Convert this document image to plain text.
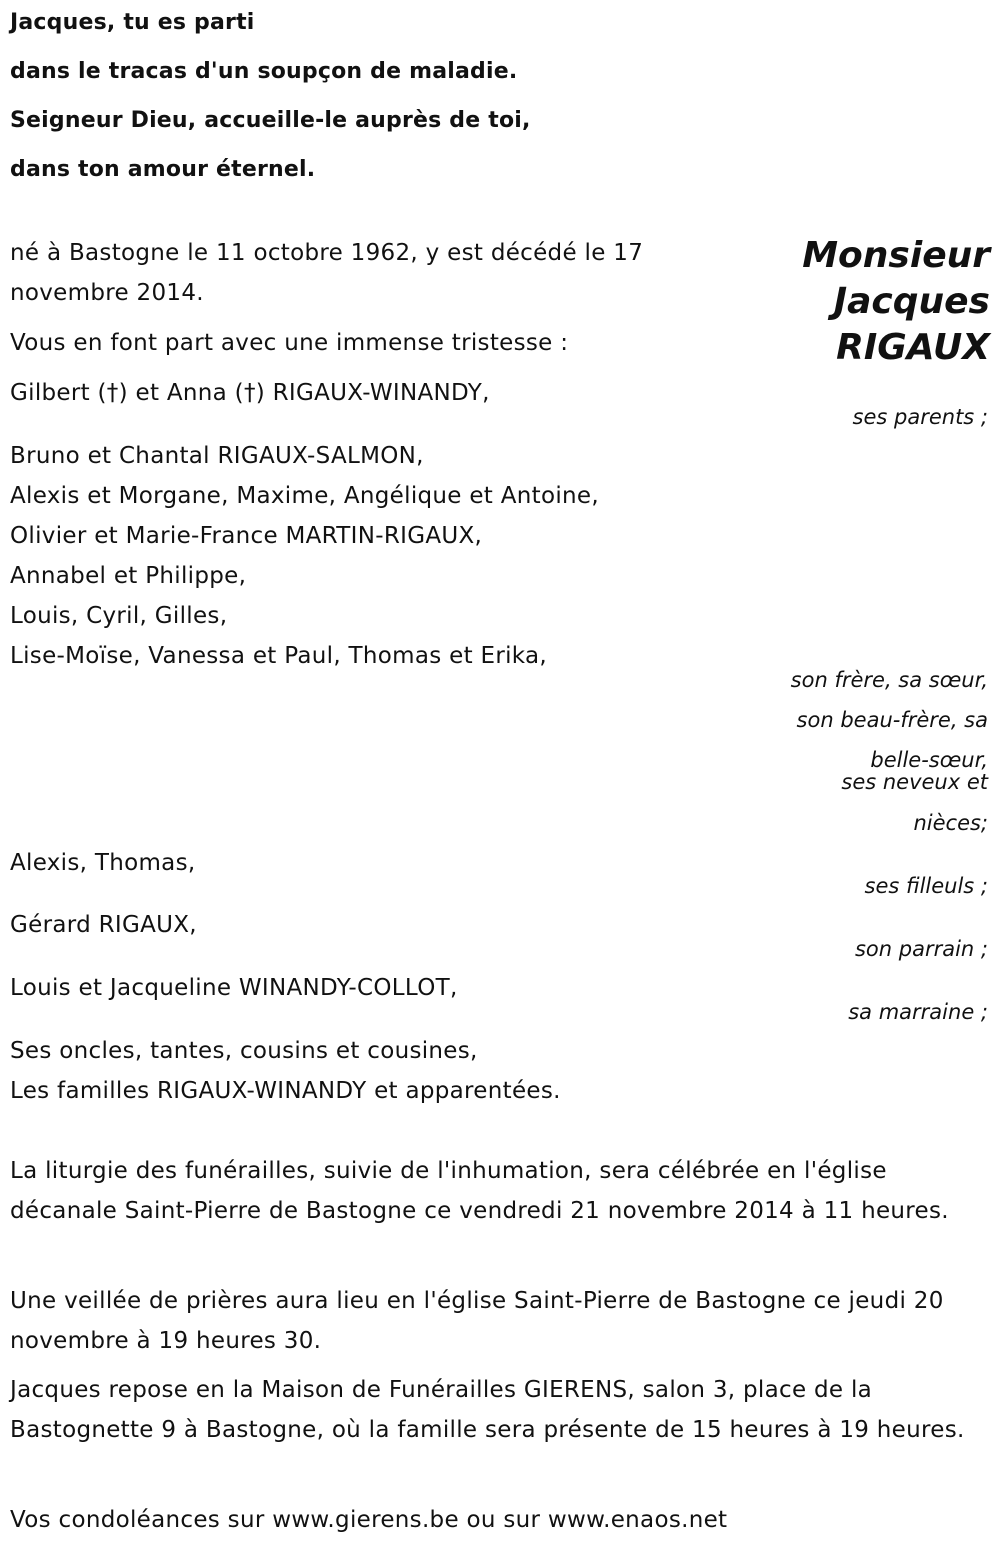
Jacques, tu es parti
dans le tracas d'un soupçon de maladie.
Seigneur Dieu, accueille-le auprès de toi,
dans ton amour éternel.
Monsieur
Jacques
RIGAUX
né à Bastogne le 11 octobre 1962, y est décédé le 17 novembre 2014.
Vous en font part avec une immense tristesse :
Gilbert (†) et Anna (†) RIGAUX-WINANDY,
ses parents ;
Bruno et Chantal RIGAUX-SALMON,
Alexis et Morgane, Maxime, Angélique et Antoine,
Olivier et Marie-France MARTIN-RIGAUX,
Annabel et Philippe,
Louis, Cyril, Gilles,
Lise-Moïse, Vanessa et Paul, Thomas et Erika,
son frère, sa sœur,
son beau-frère, sa
belle-sœur,
ses neveux et
nièces;
Alexis, Thomas,
ses filleuls ;
Gérard RIGAUX,
son parrain ;
Louis et Jacqueline WINANDY-COLLOT,
sa marraine ;
Ses oncles, tantes, cousins et cousines,
Les familles RIGAUX-WINANDY et apparentées.
La liturgie des funérailles, suivie de l'inhumation, sera célébrée en l'église décanale Saint-Pierre de Bastogne ce vendredi 21 novembre 2014 à 11 heures.
Une veillée de prières aura lieu en l'église Saint-Pierre de Bastogne ce jeudi 20 novembre à 19 heures 30.
Jacques repose en la Maison de Funérailles GIERENS, salon 3, place de la Bastognette 9 à Bastogne, où la famille sera présente de 15 heures à 19 heures.
Vos condoléances sur www.gierens.be ou sur www.enaos.net
